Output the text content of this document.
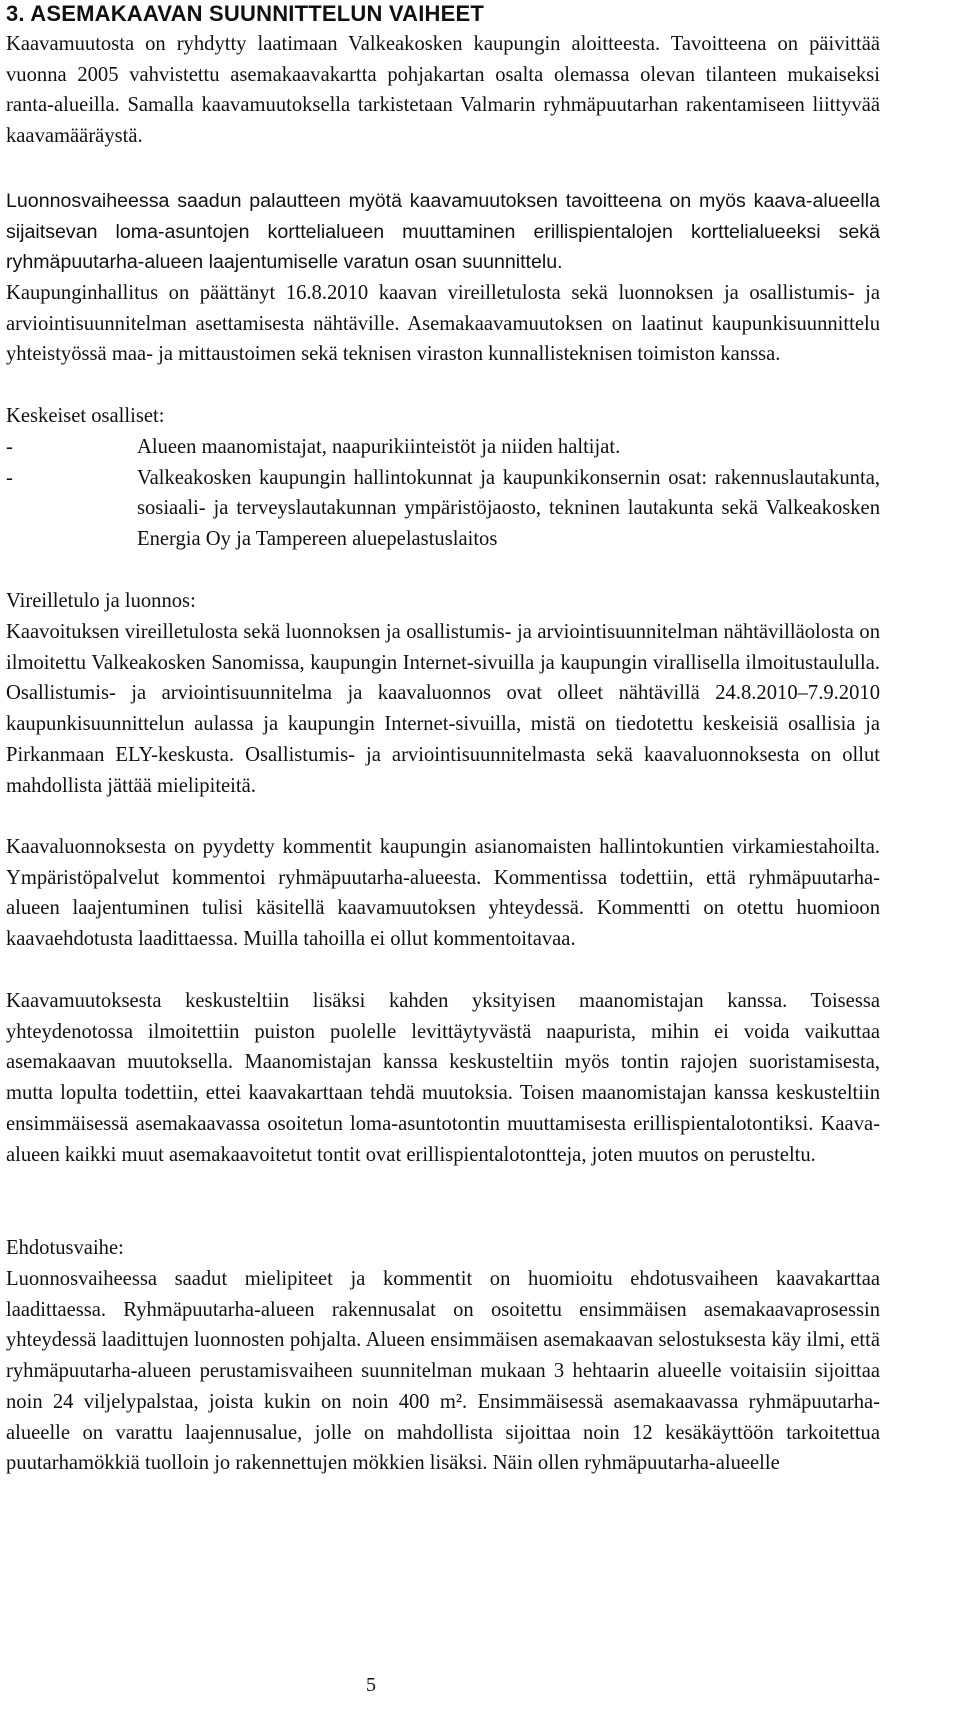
3. ASEMAKAAVAN SUUNNITTELUN VAIHEET

Kaavamuutosta on ryhdytty laatimaan Valkeakosken kaupungin aloitteesta. Tavoitteena on päivittää vuonna 2005 vahvistettu asemakaavakartta pohjakartan osalta olemassa olevan tilanteen mukaiseksi ranta-alueilla. Samalla kaavamuutoksella tarkistetaan Valmarin ryhmäpuutarhan rakentamiseen liittyvää kaavamääräystä.

Luonnosvaiheessa saadun palautteen myötä kaavamuutoksen tavoitteena on myös kaava-alueella sijaitsevan loma-asuntojen korttelialueen muuttaminen erillispientalojen korttelialueeksi sekä ryhmäpuutarha-alueen laajentumiselle varatun osan suunnittelu.

Kaupunginhallitus on päättänyt 16.8.2010 kaavan vireilletulosta sekä luonnoksen ja osallistumis- ja arviointisuunnitelman asettamisesta nähtäville. Asemakaavamuutoksen on laatinut kaupunkisuunnittelu yhteistyössä maa- ja mittaustoimen sekä teknisen viraston kunnallisteknisen toimiston kanssa.

Keskeiset osalliset:

-	Alueen maanomistajat, naapurikiinteistöt ja niiden haltijat.
-	Valkeakosken kaupungin hallintokunnat ja kaupunkikonsernin osat: rakennuslautakunta, sosiaali- ja terveyslautakunnan ympäristöjaosto, tekninen lautakunta sekä Valkeakosken Energia Oy ja Tampereen aluepelastuslaitos

Vireilletulo ja luonnos:

Kaavoituksen vireilletulosta sekä luonnoksen ja osallistumis- ja arviointisuunnitelman nähtävilläolosta on ilmoitettu Valkeakosken Sanomissa, kaupungin Internet-sivuilla ja kaupungin virallisella ilmoitustaululla. Osallistumis- ja arviointisuunnitelma ja kaavaluonnos ovat olleet nähtävillä 24.8.2010–7.9.2010 kaupunkisuunnittelun aulassa ja kaupungin Internet-sivuilla, mistä on tiedotettu keskeisiä osallisia ja Pirkanmaan ELY-keskusta. Osallistumis- ja arviointisuunnitelmasta sekä kaavaluonnoksesta on ollut mahdollista jättää mielipiteitä.

Kaavaluonnoksesta on pyydetty kommentit kaupungin asianomaisten hallintokuntien virkamiestahoilta. Ympäristöpalvelut kommentoi ryhmäpuutarha-alueesta. Kommentissa todettiin, että ryhmäpuutarha-alueen laajentuminen tulisi käsitellä kaavamuutoksen yhteydessä. Kommentti on otettu huomioon kaavaehdotusta laadittaessa. Muilla tahoilla ei ollut kommentoitavaa.

Kaavamuutoksesta keskusteltiin lisäksi kahden yksityisen maanomistajan kanssa. Toisessa yhteydenotossa ilmoitettiin puiston puolelle levittäytyvästä naapurista, mihin ei voida vaikuttaa asemakaavan muutoksella. Maanomistajan kanssa keskusteltiin myös tontin rajojen suoristamisesta, mutta lopulta todettiin, ettei kaavakarttaan tehdä muutoksia. Toisen maanomistajan kanssa keskusteltiin ensimmäisessä asemakaavassa osoitetun loma-asuntotontin muuttamisesta erillispientalotontiksi. Kaava-alueen kaikki muut asemakaavoitetut tontit ovat erillispientalotontteja, joten muutos on perusteltu.

Ehdotusvaihe:

Luonnosvaiheessa saadut mielipiteet ja kommentit on huomioitu ehdotusvaiheen kaavakarttaa laadittaessa. Ryhmäpuutarha-alueen rakennusalat on osoitettu ensimmäisen asemakaavaprosessin yhteydessä laadittujen luonnosten pohjalta. Alueen ensimmäisen asemakaavan selostuksesta käy ilmi, että ryhmäpuutarha-alueen perustamisvaiheen suunnitelman mukaan 3 hehtaarin alueelle voitaisiin sijoittaa noin 24 viljelypalstaa, joista kukin on noin 400 m². Ensimmäisessä asemakaavassa ryhmäpuutarha-alueelle on varattu laajennusalue, jolle on mahdollista sijoittaa noin 12 kesäkäyttöön tarkoitettua puutarhamökkiä tuolloin jo rakennettujen mökkien lisäksi. Näin ollen ryhmäpuutarha-alueelle

5
